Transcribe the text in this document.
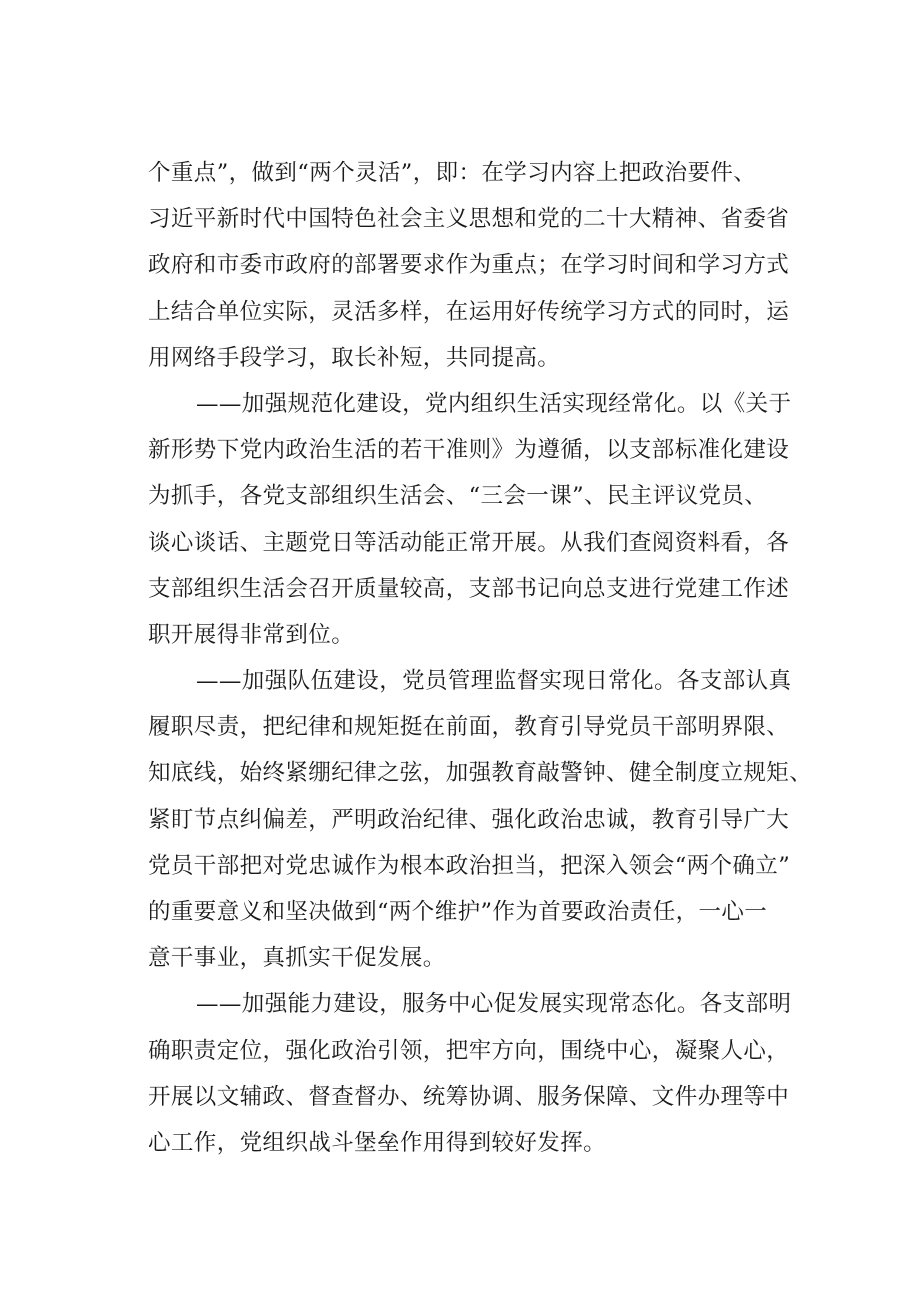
个重点”，做到“两个灵活”，即：在学习内容上把政治要件、
习近平新时代中国特色社会主义思想和党的二十大精神、省委省
政府和市委市政府的部署要求作为重点；在学习时间和学习方式
上结合单位实际，灵活多样，在运用好传统学习方式的同时，运
用网络手段学习，取长补短，共同提高。
——加强规范化建设，党内组织生活实现经常化。以《关于
新形势下党内政治生活的若干准则》为遵循，以支部标准化建设
为抓手，各党支部组织生活会、“三会一课”、民主评议党员、
谈心谈话、主题党日等活动能正常开展。从我们查阅资料看，各
支部组织生活会召开质量较高，支部书记向总支进行党建工作述
职开展得非常到位。
——加强队伍建设，党员管理监督实现日常化。各支部认真
履职尽责，把纪律和规矩挺在前面，教育引导党员干部明界限、
知底线，始终紧绷纪律之弦，加强教育敲警钟、健全制度立规矩、
紧盯节点纠偏差，严明政治纪律、强化政治忠诚，教育引导广大
党员干部把对党忠诚作为根本政治担当，把深入领会“两个确立”
的重要意义和坚决做到“两个维护”作为首要政治责任，一心一
意干事业，真抓实干促发展。
——加强能力建设，服务中心促发展实现常态化。各支部明
确职责定位，强化政治引领，把牢方向，围绕中心，凝聚人心，
开展以文辅政、督查督办、统筹协调、服务保障、文件办理等中
心工作，党组织战斗堡垒作用得到较好发挥。
